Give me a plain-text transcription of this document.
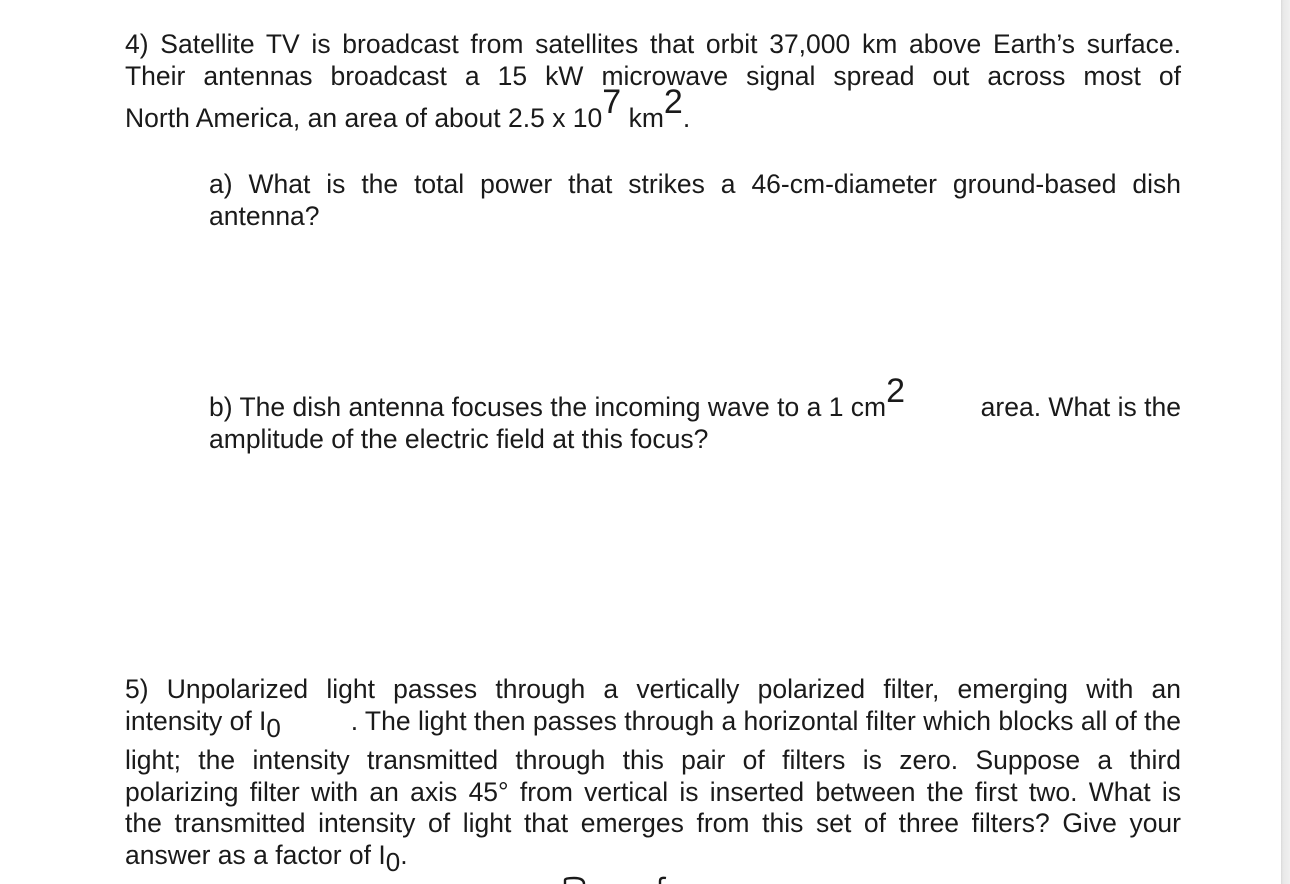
4) Satellite TV is broadcast from satellites that orbit 37,000 km above Earth’s surface.
Their antennas broadcast a 15 kW microwave signal spread out across most of
North America, an area of about 2.5 x 107 km2.
a) What is the total power that strikes a 46-cm-diameter ground-based dish
antenna?
b) The dish antenna focuses the incoming wave to a 1 cm2	area. What is the
amplitude of the electric field at this focus?
5) Unpolarized light passes through a vertically polarized filter, emerging with an
intensity of I0	. The light then passes through a horizontal filter which blocks all of the
light; the intensity transmitted through this pair of filters is zero. Suppose a third
polarizing filter with an axis 45° from vertical is inserted between the first two. What is
the transmitted intensity of light that emerges from this set of three filters? Give your
answer as a factor of I0.
